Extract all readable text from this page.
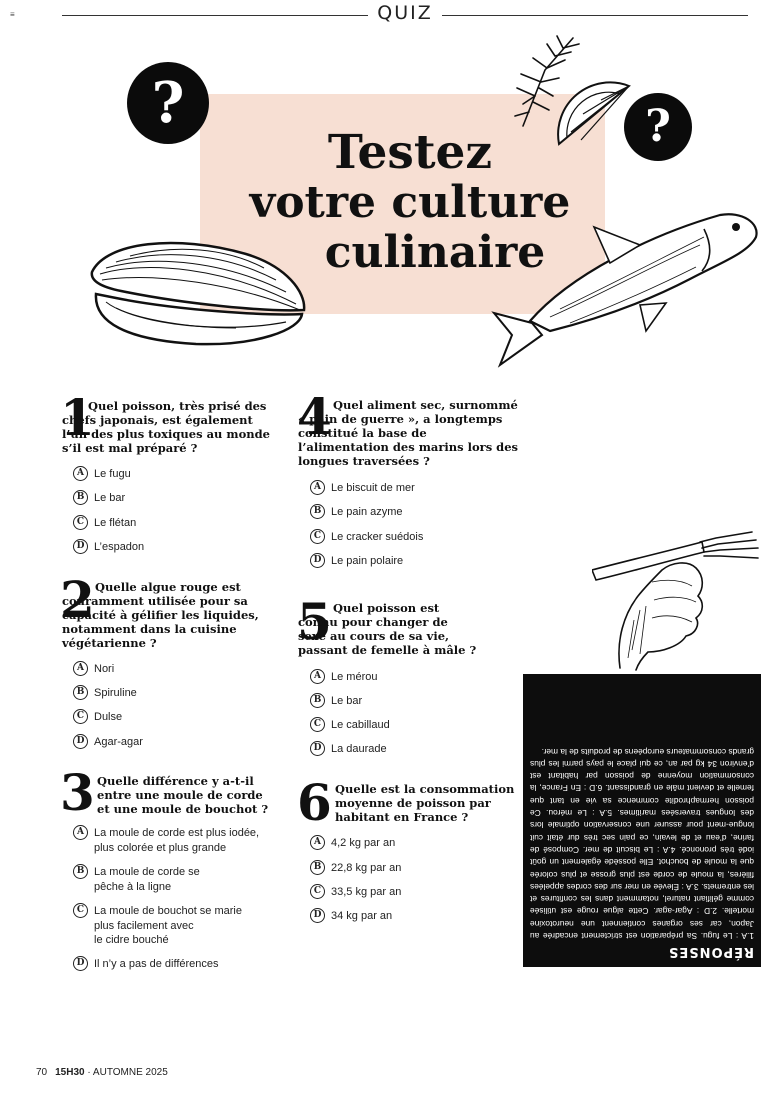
≡	QUIZ
?	?
Testez
votre culture
culinaire
1
Quel poisson, très prisé des chefs japonais, est également l’un des plus toxiques au monde s’il est mal préparé ?
A Le fugu
B Le bar
C Le flétan
D L’espadon
2 Quelle algue rouge est couramment utilisée pour sa capacité à gélifier les liquides, notamment dans la cuisine végétarienne ?
A Nori
B Spiruline
C Dulse
D Agar-agar
3 Quelle différence y a-t-il entre une moule de corde et une moule de bouchot ?
A La moule de corde est plus iodée,
plus colorée et plus grande
B La moule de corde se
pêche à la ligne
C La moule de bouchot se marie
plus facilement avec
le cidre bouché
D Il n’y a pas de différences
4 Quel aliment sec, surnommé « pain de guerre », a longtemps constitué la base de l’alimentation des marins lors des longues traversées ?
A Le biscuit de mer
B Le pain azyme
C Le cracker suédois
D Le pain polaire
5 Quel poisson est connu pour changer de sexe au cours de sa vie, passant de femelle à mâle ?
A Le mérou
B Le bar
C Le cabillaud
D La daurade
6 Quelle est la consommation moyenne de poisson par habitant en France ?
A 4,2 kg par an
B 22,8 kg par an
C 33,5 kg par an
D 34 kg par an
RÉPONSES
1.A : Le fugu. Sa préparation est strictement encadrée au Japon, car ses organes contiennent une neurotoxine mortelle. 2.D : Agar-agar. Cette algue rouge est utilisée comme gélifiant naturel, notamment dans les confitures et les entremets. 3.A : Élevée en mer sur des cordes appelées filières, la moule de corde est plus grosse et plus colorée que la moule de bouchot. Elle possède également un goût iodé très prononcé. 4.A : Le biscuit de mer. Composé de farine, d’eau et de levain, ce pain sec très dur était cuit longue-ment pour assurer une conservation optimale lors des longues traversées maritimes. 5.A : Le mérou. Ce poisson hermaphrodite commence sa vie en tant que femelle et devient mâle en grandissant. 6.D : En France, la consommation moyenne de poisson par habitant est d’environ 34 kg par an, ce qui place le pays parmi les plus grands consommateurs européens de produits de la mer.
70 15H30 · AUTOMNE 2025
